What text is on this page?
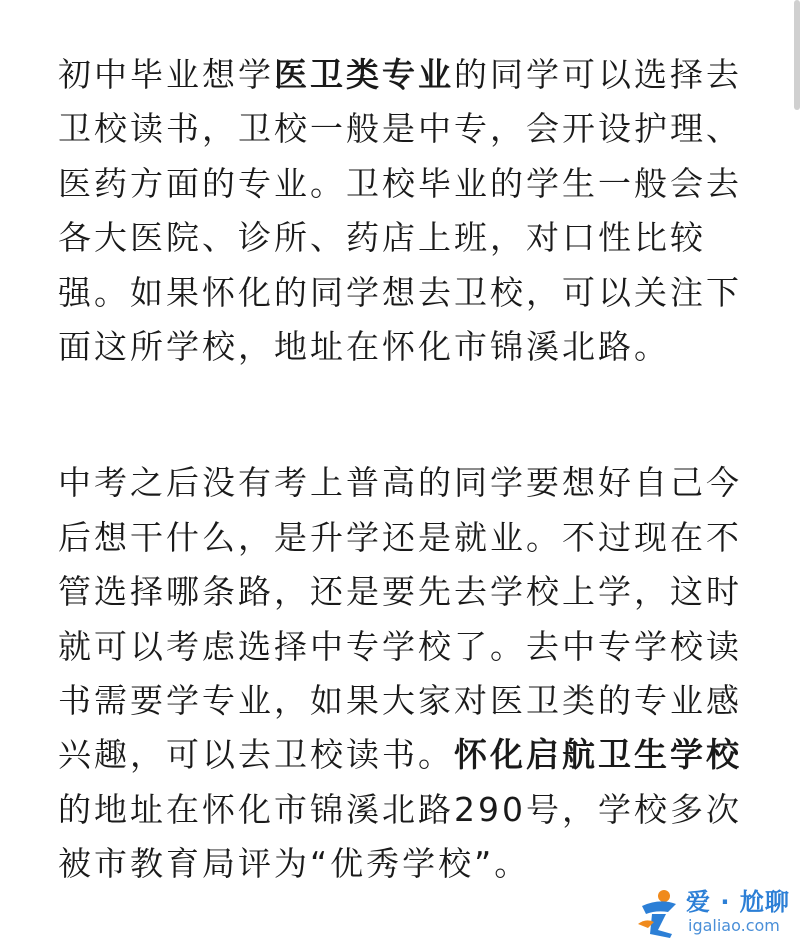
初中毕业想学医卫类专业的同学可以选择去卫校读书，卫校一般是中专，会开设护理、医药方面的专业。卫校毕业的学生一般会去各大医院、诊所、药店上班，对口性比较强。如果怀化的同学想去卫校，可以关注下面这所学校，地址在怀化市锦溪北路。

中考之后没有考上普高的同学要想好自己今后想干什么，是升学还是就业。不过现在不管选择哪条路，还是要先去学校上学，这时就可以考虑选择中专学校了。去中专学校读书需要学专业，如果大家对医卫类的专业感兴趣，可以去卫校读书。怀化启航卫生学校的地址在怀化市锦溪北路290号，学校多次被市教育局评为“优秀学校”。

爱 · 尬聊
igaliao.com
